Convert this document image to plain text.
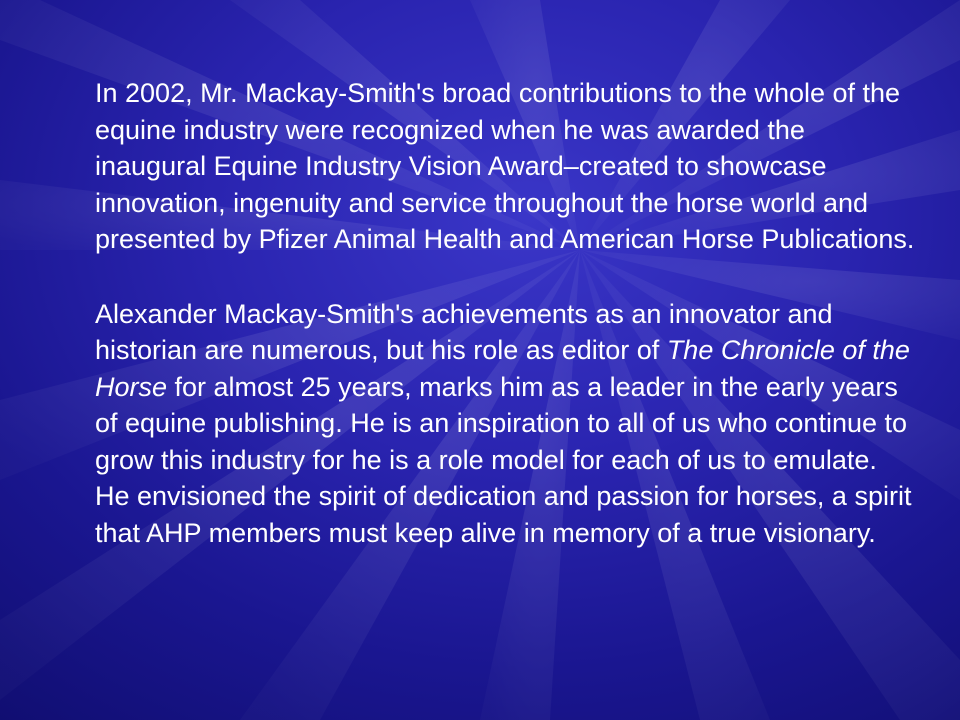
In 2002, Mr. Mackay-Smith's broad contributions to the whole of the equine industry were recognized when he was awarded the inaugural Equine Industry Vision Award–created to showcase innovation, ingenuity and service throughout the horse world and presented by Pfizer Animal Health and American Horse Publications.

Alexander Mackay-Smith's achievements as an innovator and historian are numerous, but his role as editor of The Chronicle of the Horse for almost 25 years, marks him as a leader in the early years of equine publishing. He is an inspiration to all of us who continue to grow this industry for he is a role model for each of us to emulate. He envisioned the spirit of dedication and passion for horses, a spirit that AHP members must keep alive in memory of a true visionary.
